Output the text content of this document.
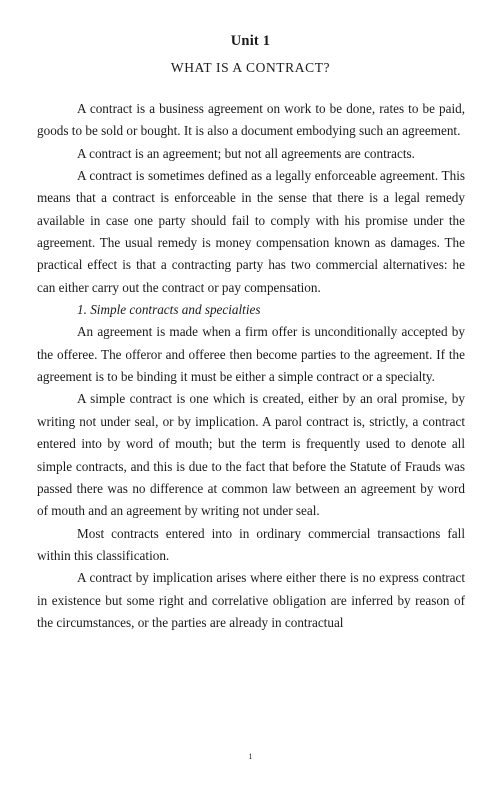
Unit 1
WHAT IS A CONTRACT?

A contract is a business agreement on work to be done, rates to be paid, goods to be sold or bought. It is also a document embodying such an agreement.

A contract is an agreement; but not all agreements are contracts.

A contract is sometimes defined as a legally enforceable agreement. This means that a contract is enforceable in the sense that there is a legal remedy available in case one party should fail to comply with his promise under the agreement. The usual remedy is money compensation known as damages. The practical effect is that a contracting party has two commercial alternatives: he can either carry out the contract or pay compensation.

1. Simple contracts and specialties

An agreement is made when a firm offer is unconditionally accepted by the offeree. The offeror and offeree then become parties to the agreement. If the agreement is to be binding it must be either a simple contract or a specialty.

A simple contract is one which is created, either by an oral promise, by writing not under seal, or by implication. A parol contract is, strictly, a contract entered into by word of mouth; but the term is frequently used to denote all simple contracts, and this is due to the fact that before the Statute of Frauds was passed there was no difference at common law between an agreement by word of mouth and an agreement by writing not under seal.

Most contracts entered into in ordinary commercial transactions fall within this classification.

A contract by implication arises where either there is no express contract in existence but some right and correlative obligation are inferred by reason of the circumstances, or the parties are already in contractual

1
